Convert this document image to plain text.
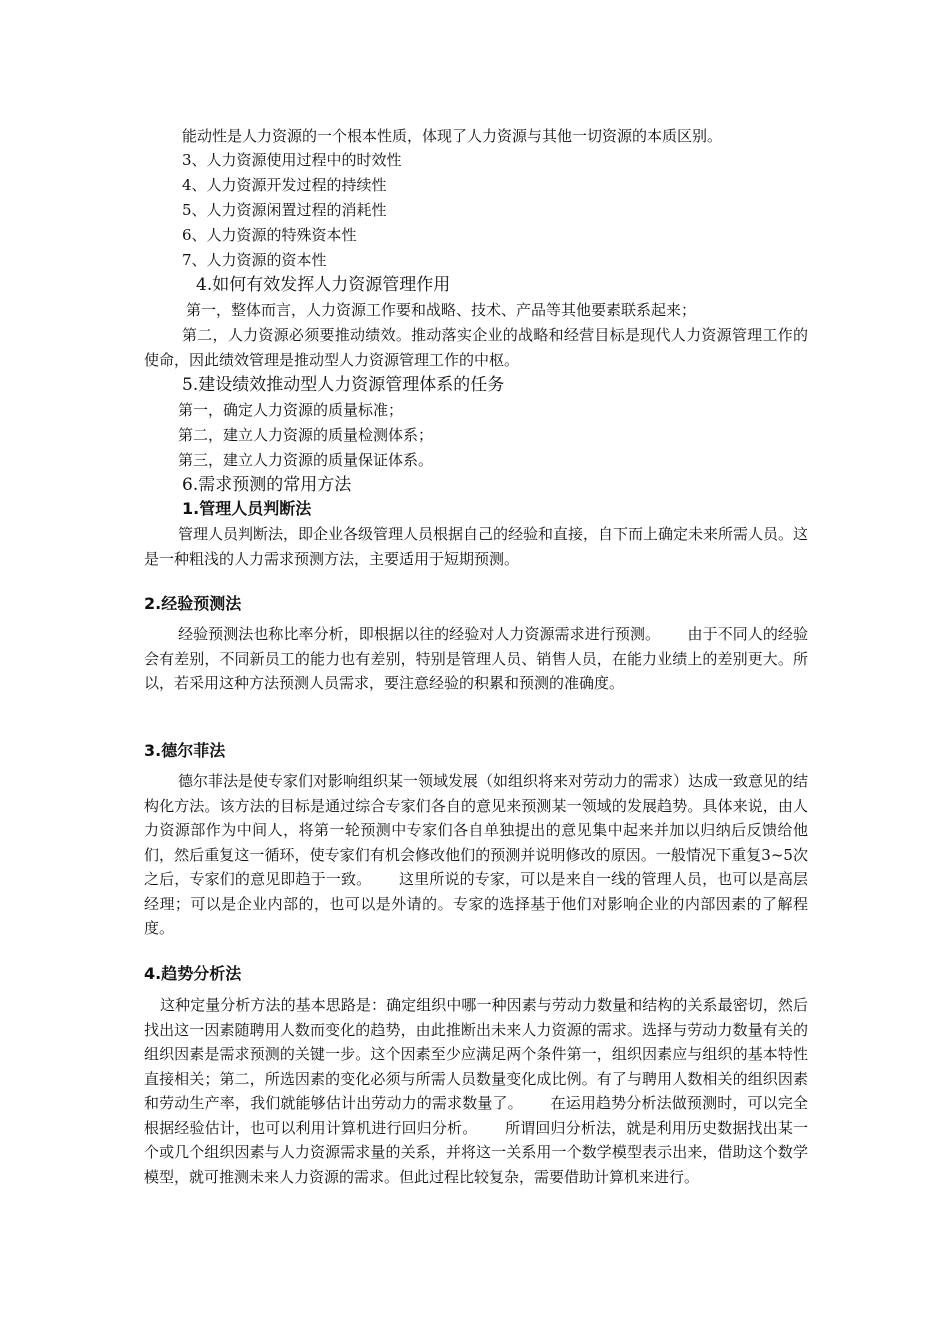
能动性是人力资源的一个根本性质，体现了人力资源与其他一切资源的本质区别。
3、人力资源使用过程中的时效性
4、人力资源开发过程的持续性
5、人力资源闲置过程的消耗性
6、人力资源的特殊资本性
7、人力资源的资本性
4.如何有效发挥人力资源管理作用
第一，整体而言，人力资源工作要和战略、技术、产品等其他要素联系起来；
第二，人力资源必须要推动绩效。推动落实企业的战略和经营目标是现代人力资源管理工作的使命，因此绩效管理是推动型人力资源管理工作的中枢。
5.建设绩效推动型人力资源管理体系的任务
第一，确定人力资源的质量标准；
第二，建立人力资源的质量检测体系；
第三，建立人力资源的质量保证体系。
6.需求预测的常用方法
1.管理人员判断法
管理人员判断法，即企业各级管理人员根据自己的经验和直接，自下而上确定未来所需人员。这是一种粗浅的人力需求预测方法，主要适用于短期预测。
2.经验预测法
经验预测法也称比率分析，即根据以往的经验对人力资源需求进行预测。　　 由于不同人的经验会有差别，不同新员工的能力也有差别，特别是管理人员、销售人员，在能力业绩上的差别更大。所以，若采用这种方法预测人员需求，要注意经验的积累和预测的准确度。
3.德尔菲法
德尔菲法是使专家们对影响组织某一领域发展（如组织将来对劳动力的需求）达成一致意见的结构化方法。该方法的目标是通过综合专家们各自的意见来预测某一领域的发展趋势。具体来说，由人力资源部作为中间人，将第一轮预测中专家们各自单独提出的意见集中起来并加以归纳后反馈给他们，然后重复这一循环，使专家们有机会修改他们的预测并说明修改的原因。一般情况下重复3~5次之后，专家们的意见即趋于一致。　　 这里所说的专家，可以是来自一线的管理人员，也可以是高层经理；可以是企业内部的，也可以是外请的。专家的选择基于他们对影响企业的内部因素的了解程度。
4.趋势分析法
这种定量分析方法的基本思路是：确定组织中哪一种因素与劳动力数量和结构的关系最密切，然后找出这一因素随聘用人数而变化的趋势，由此推断出未来人力资源的需求。选择与劳动力数量有关的组织因素是需求预测的关键一步。这个因素至少应满足两个条件第一，组织因素应与组织的基本特性直接相关；第二，所选因素的变化必须与所需人员数量变化成比例。有了与聘用人数相关的组织因素和劳动生产率，我们就能够估计出劳动力的需求数量了。　　 在运用趋势分析法做预测时，可以完全根据经验估计，也可以利用计算机进行回归分析。　　 所谓回归分析法，就是利用历史数据找出某一个或几个组织因素与人力资源需求量的关系，并将这一关系用一个数学模型表示出来，借助这个数学模型，就可推测未来人力资源的需求。但此过程比较复杂，需要借助计算机来进行。
